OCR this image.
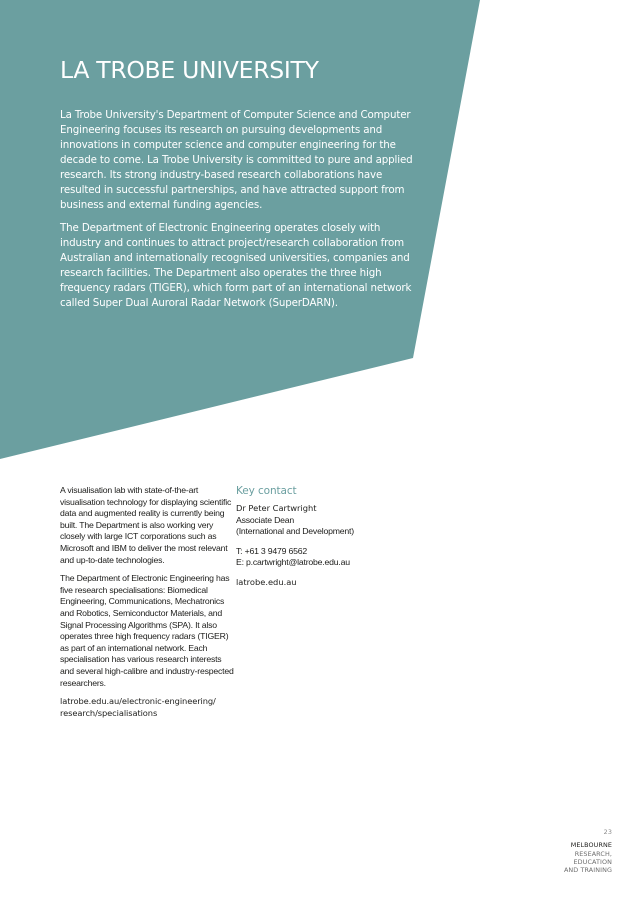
LA TROBE UNIVERSITY

La Trobe University's Department of Computer Science and Computer Engineering focuses its research on pursuing developments and innovations in computer science and computer engineering for the decade to come. La Trobe University is committed to pure and applied research. Its strong industry-based research collaborations have resulted in successful partnerships, and have attracted support from business and external funding agencies.

The Department of Electronic Engineering operates closely with industry and continues to attract project/research collaboration from Australian and internationally recognised universities, companies and research facilities. The Department also operates the three high frequency radars (TIGER), which form part of an international network called Super Dual Auroral Radar Network (SuperDARN).

A visualisation lab with state-of-the-art visualisation technology for displaying scientific data and augmented reality is currently being built. The Department is also working very closely with large ICT corporations such as Microsoft and IBM to deliver the most relevant and up-to-date technologies.

The Department of Electronic Engineering has five research specialisations: Biomedical Engineering, Communications, Mechatronics and Robotics, Semiconductor Materials, and Signal Processing Algorithms (SPA). It also operates three high frequency radars (TIGER) as part of an international network. Each specialisation has various research interests and several high-calibre and industry-respected researchers.

latrobe.edu.au/electronic-engineering/
research/specialisations

Key contact

Dr Peter Cartwright

Associate Dean

(International and Development)

T: +61 3 9479 6562

E: p.cartwright@latrobe.edu.au

latrobe.edu.au

23
MELBOURNE
RESEARCH,
EDUCATION
AND TRAINING
